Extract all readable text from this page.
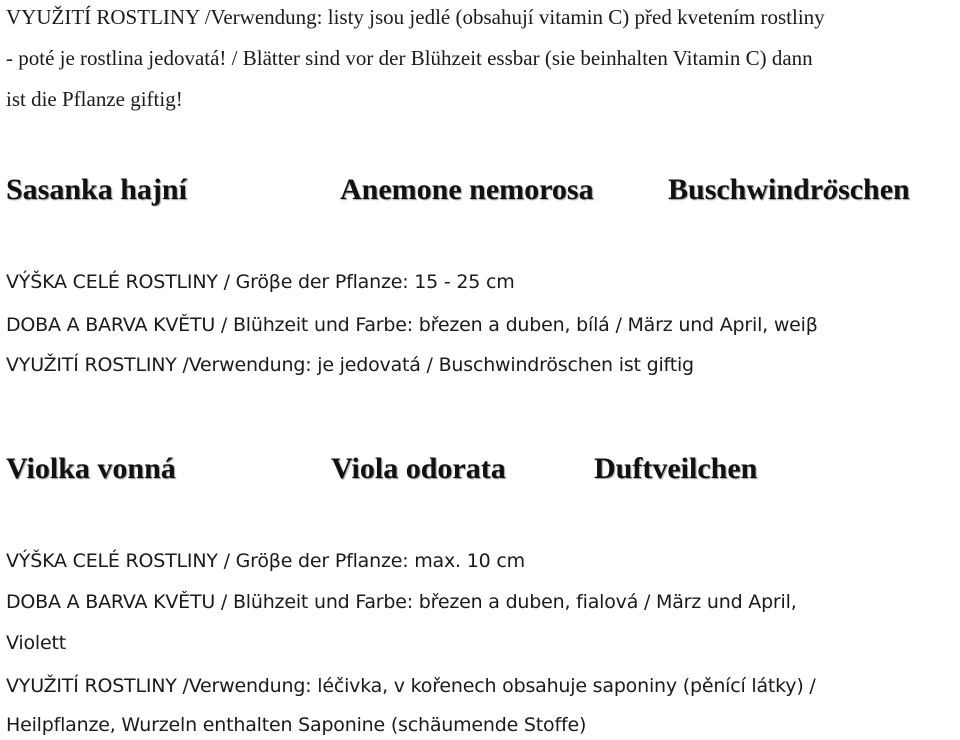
VYUŽITÍ ROSTLINY /Verwendung: listy jsou jedlé (obsahují vitamin C) před kvetením rostliny
- poté je rostlina jedovatá! / Blätter sind vor der Blühzeit essbar (sie beinhalten Vitamin C) dann
ist die Pflanze giftig!
Sasanka hajní	Anemone nemorosa Buschwindröschen
VÝŠKA CELÉ ROSTLINY / Gröβe der Pflanze: 15 - 25 cm
DOBA A BARVA KVĚTU / Blühzeit und Farbe: březen a duben, bílá / März und April, weiβ
VYUŽITÍ ROSTLINY /Verwendung: je jedovatá / Buschwindröschen ist giftig
Violka vonná	Viola odorata	Duftveilchen
VÝŠKA CELÉ ROSTLINY / Gröβe der Pflanze: max. 10 cm
DOBA A BARVA KVĚTU / Blühzeit und Farbe: březen a duben, fialová / März und April,
Violett
VYUŽITÍ ROSTLINY /Verwendung: léčivka, v kořenech obsahuje saponiny (pěnící látky) /
Heilpflanze, Wurzeln enthalten Saponine (schäumende Stoffe)
